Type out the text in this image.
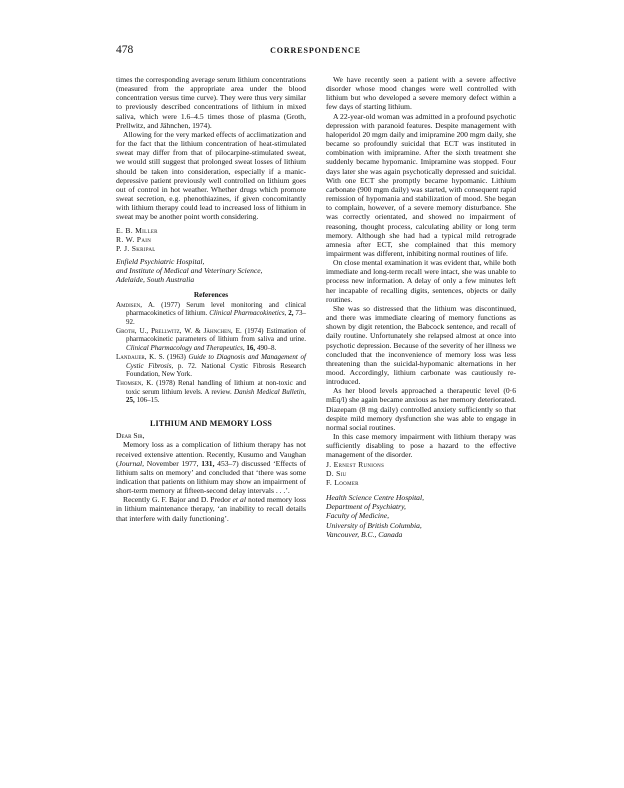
478	CORRESPONDENCE

times the corresponding average serum lithium concentrations (measured from the appropriate area under the blood concentration versus time curve). They were thus very similar to previously described concentrations of lithium in mixed saliva, which were 1.6–4.5 times those of plasma (Groth, Prellwitz, and Jähnchen, 1974).

Allowing for the very marked effects of acclimatization and for the fact that the lithium concentration of heat-stimulated sweat may differ from that of pilocarpine-stimulated sweat, we would still suggest that prolonged sweat losses of lithium should be taken into consideration, especially if a manic-depressive patient previously well controlled on lithium goes out of control in hot weather. Whether drugs which promote sweat secretion, e.g. phenothiazines, if given concomitantly with lithium therapy could lead to increased loss of lithium in sweat may be another point worth considering.

E. B. Miller

R. W. Pain

P. J. Skripal

Enfield Psychiatric Hospital,

and Institute of Medical and Veterinary Science,

Adelaide, South Australia

References

Amdisen, A. (1977) Serum level monitoring and clinical pharmacokinetics of lithium. Clinical Pharmacokinetics, 2, 73–92.

Groth, U., Prellwitz, W. & Jähnchen, E. (1974) Estimation of pharmacokinetic parameters of lithium from saliva and urine. Clinical Pharmacology and Therapeutics, 16, 490–8.

Landauer, K. S. (1963) Guide to Diagnosis and Management of Cystic Fibrosis, p. 72. National Cystic Fibrosis Research Foundation, New York.

Thomsen, K. (1978) Renal handling of lithium at non-toxic and toxic serum lithium levels. A review. Danish Medical Bulletin, 25, 106–15.

LITHIUM AND MEMORY LOSS

Dear Sir,

Memory loss as a complication of lithium therapy has not received extensive attention. Recently, Kusumo and Vaughan (Journal, November 1977, 131, 453–7) discussed ‘Effects of lithium salts on memory’ and concluded that ‘there was some indication that patients on lithium may show an impairment of short-term memory at fifteen-second delay intervals . . .’.

Recently G. F. Bajor and D. Predor et al noted memory loss in lithium maintenance therapy, ‘an inability to recall details that interfere with daily functioning’.

We have recently seen a patient with a severe affective disorder whose mood changes were well controlled with lithium but who developed a severe memory defect within a few days of starting lithium.

A 22-year-old woman was admitted in a profound psychotic depression with paranoid features. Despite management with haloperidol 20 mgm daily and imipramine 200 mgm daily, she became so profoundly suicidal that ECT was instituted in combination with imipramine. After the sixth treatment she suddenly became hypomanic. Imipramine was stopped. Four days later she was again psychotically depressed and suicidal. With one ECT she promptly became hypomanic. Lithium carbonate (900 mgm daily) was started, with consequent rapid remission of hypomania and stabilization of mood. She began to complain, however, of a severe memory disturbance. She was correctly orientated, and showed no impairment of reasoning, thought process, calculating ability or long term memory. Although she had had a typical mild retrograde amnesia after ECT, she complained that this memory impairment was different, inhibiting normal routines of life.

On close mental examination it was evident that, while both immediate and long-term recall were intact, she was unable to process new information. A delay of only a few minutes left her incapable of recalling digits, sentences, objects or daily routines.

She was so distressed that the lithium was discontinued, and there was immediate clearing of memory functions as shown by digit retention, the Babcock sentence, and recall of daily routine. Unfortunately she relapsed almost at once into psychotic depression. Because of the severity of her illness we concluded that the inconvenience of memory loss was less threatening than the suicidal-hypomanic alternations in her mood. Accordingly, lithium carbonate was cautiously re-introduced.

As her blood levels approached a therapeutic level (0·6 mEq/l) she again became anxious as her memory deteriorated. Diazepam (8 mg daily) controlled anxiety sufficiently so that despite mild memory dysfunction she was able to engage in normal social routines.

In this case memory impairment with lithium therapy was sufficiently disabling to pose a hazard to the effective management of the disorder.

J. Ernest Runions

D. Siu

F. Loomer

Health Science Centre Hospital,

Department of Psychiatry,

Faculty of Medicine,

University of British Columbia,

Vancouver, B.C., Canada
